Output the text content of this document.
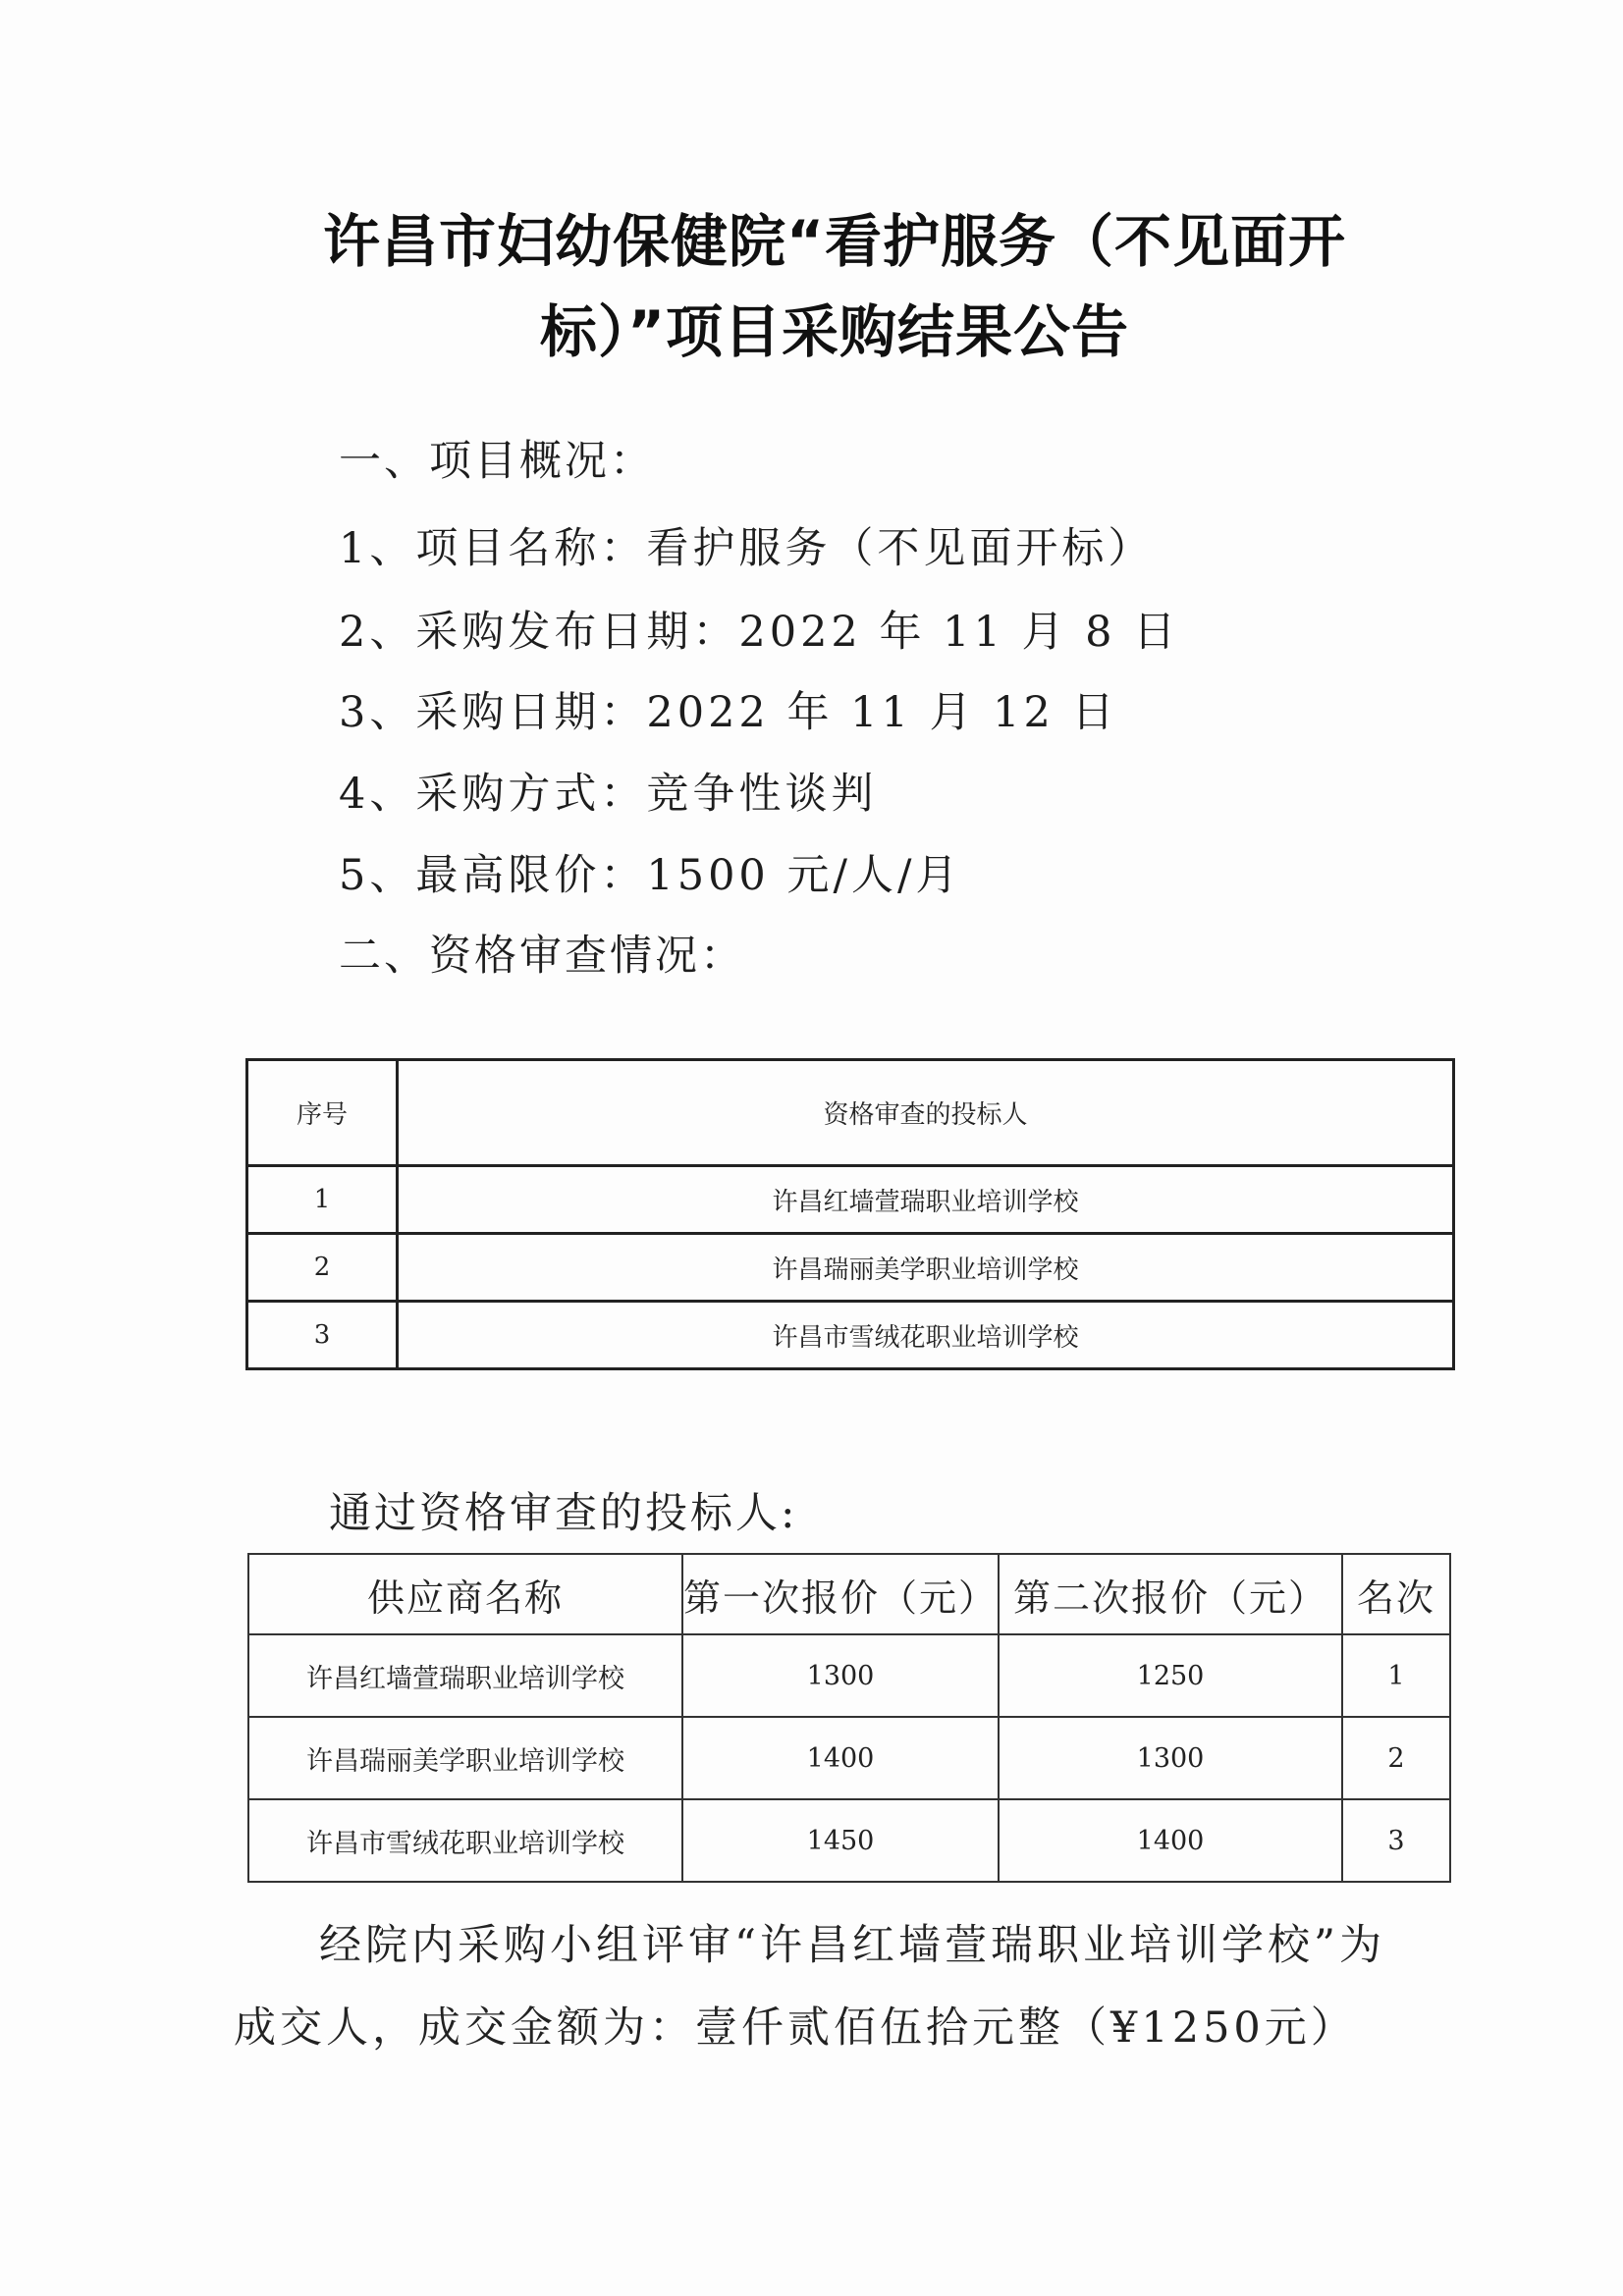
许昌市妇幼保健院“看护服务（不见面开
标）”项目采购结果公告
一、项目概况：
1、项目名称：看护服务（不见面开标）
2、采购发布日期：2022 年 11 月 8 日
3、采购日期：2022 年 11 月 12 日
4、采购方式：竞争性谈判
5、最高限价：1500 元/人/月
二、资格审查情况：
序号	资格审查的投标人
1	许昌红墙萱瑞职业培训学校
2	许昌瑞丽美学职业培训学校
3	许昌市雪绒花职业培训学校
通过资格审查的投标人:
供应商名称	第一次报价（元）	第二次报价（元）	名次
许昌红墙萱瑞职业培训学校	1300	1250	1
许昌瑞丽美学职业培训学校	1400	1300	2
许昌市雪绒花职业培训学校	1450	1400	3
经院内采购小组评审“许昌红墙萱瑞职业培训学校”为
成交人，成交金额为：壹仟贰佰伍拾元整（¥1250元）
